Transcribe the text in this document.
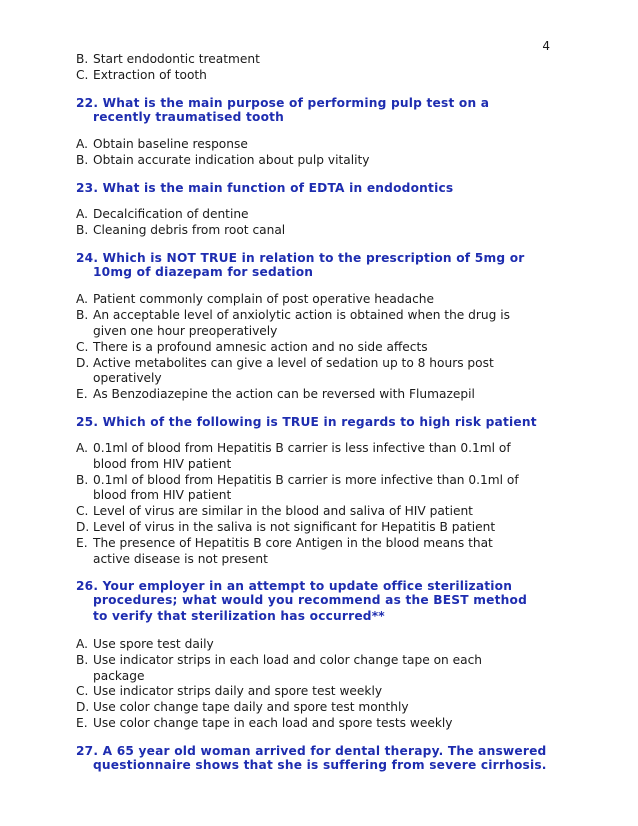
4
B. Start endodontic treatment
C. Extraction of tooth
22. What is the main purpose of performing pulp test on a
recently traumatised tooth
A. Obtain baseline response
B. Obtain accurate indication about pulp vitality
23. What is the main function of EDTA in endodontics
A. Decalcification of dentine
B. Cleaning debris from root canal
24. Which is NOT TRUE in relation to the prescription of 5mg or
10mg of diazepam for sedation
A. Patient commonly complain of post operative headache
B. An acceptable level of anxiolytic action is obtained when the drug is
given one hour preoperatively
C. There is a profound amnesic action and no side affects
D. Active metabolites can give a level of sedation up to 8 hours post
operatively
E. As Benzodiazepine the action can be reversed with Flumazepil
25. Which of the following is TRUE in regards to high risk patient
A. 0.1ml of blood from Hepatitis B carrier is less infective than 0.1ml of
blood from HIV patient
B. 0.1ml of blood from Hepatitis B carrier is more infective than 0.1ml of
blood from HIV patient
C. Level of virus are similar in the blood and saliva of HIV patient
D. Level of virus in the saliva is not significant for Hepatitis B patient
E. The presence of Hepatitis B core Antigen in the blood means that
active disease is not present
26. Your employer in an attempt to update office sterilization
procedures; what would you recommend as the BEST method
to verify that sterilization has occurred**
A. Use spore test daily
B. Use indicator strips in each load and color change tape on each
package
C. Use indicator strips daily and spore test weekly
D. Use color change tape daily and spore test monthly
E. Use color change tape in each load and spore tests weekly
27. A 65 year old woman arrived for dental therapy. The answered
questionnaire shows that she is suffering from severe cirrhosis.
